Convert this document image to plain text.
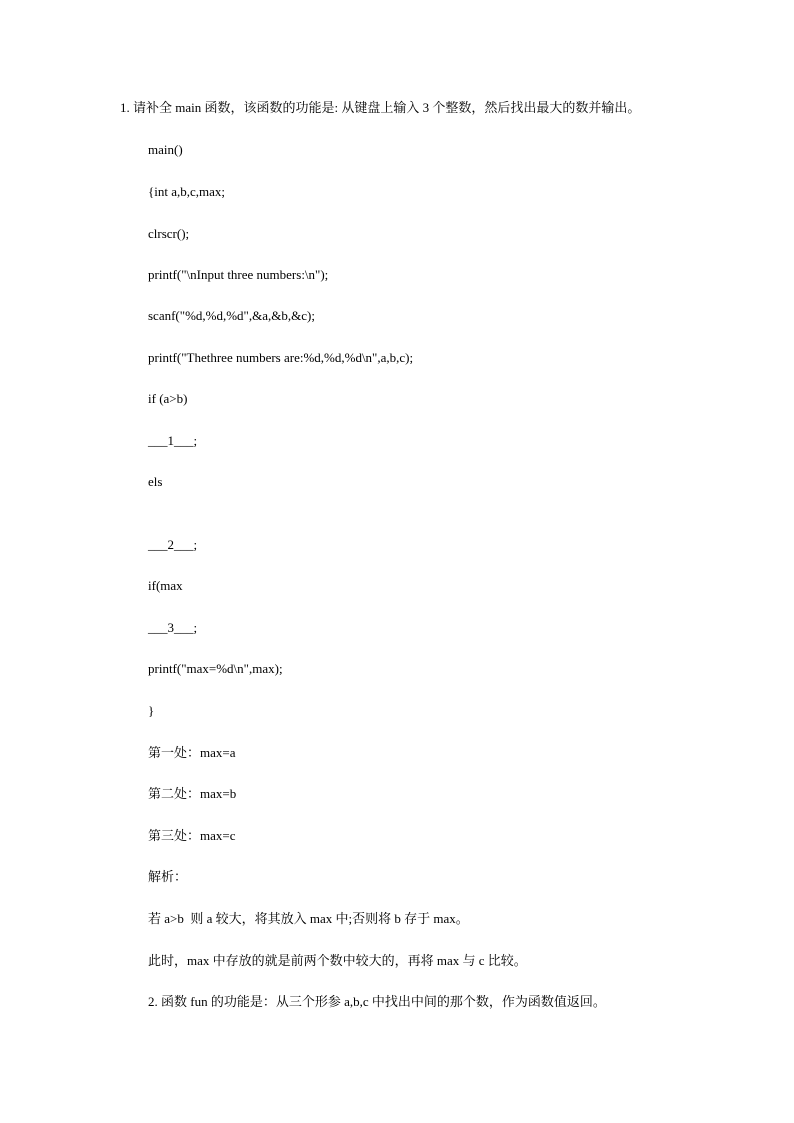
1. 请补全 main 函数，该函数的功能是: 从键盘上输入 3 个整数，然后找出最大的数并输出。
main()
{int a,b,c,max;
clrscr();
printf("\nInput three numbers:\n");
scanf("%d,%d,%d",&a,&b,&c);
printf("Thethree numbers are:%d,%d,%d\n",a,b,c);
if (a>b)
___1___;
els
___2___;
if(max
___3___;
printf("max=%d\n",max);
}
第一处：max=a
第二处：max=b
第三处：max=c
解析：
若 a>b  则 a 较大，将其放入 max 中;否则将 b 存于 max。
此时，max 中存放的就是前两个数中较大的，再将 max 与 c 比较。
2. 函数 fun 的功能是：从三个形参 a,b,c 中找出中间的那个数，作为函数值返回。
